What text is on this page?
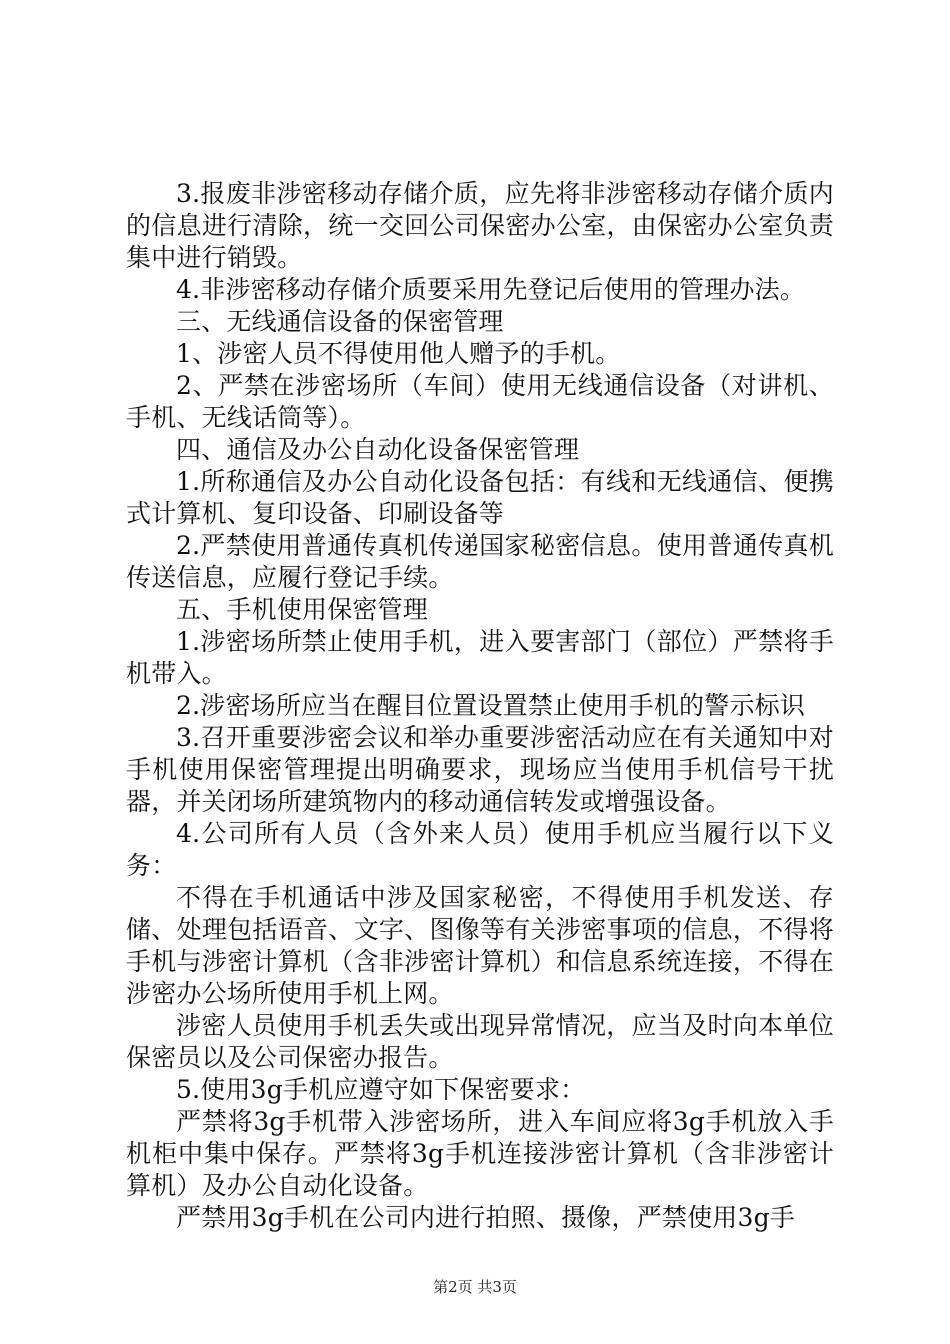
3.报废非涉密移动存储介质，应先将非涉密移动存储介质内的信息进行清除，统一交回公司保密办公室，由保密办公室负责集中进行销毁。

4.非涉密移动存储介质要采用先登记后使用的管理办法。

三、无线通信设备的保密管理

1、涉密人员不得使用他人赠予的手机。

2、严禁在涉密场所（车间）使用无线通信设备（对讲机、手机、无线话筒等）。

四、通信及办公自动化设备保密管理

1.所称通信及办公自动化设备包括：有线和无线通信、便携式计算机、复印设备、印刷设备等

2.严禁使用普通传真机传递国家秘密信息。使用普通传真机传送信息，应履行登记手续。

五、手机使用保密管理

1.涉密场所禁止使用手机，进入要害部门（部位）严禁将手机带入。

2.涉密场所应当在醒目位置设置禁止使用手机的警示标识

3.召开重要涉密会议和举办重要涉密活动应在有关通知中对手机使用保密管理提出明确要求，现场应当使用手机信号干扰器，并关闭场所建筑物内的移动通信转发或增强设备。

4.公司所有人员（含外来人员）使用手机应当履行以下义务：

不得在手机通话中涉及国家秘密，不得使用手机发送、存储、处理包括语音、文字、图像等有关涉密事项的信息，不得将手机与涉密计算机（含非涉密计算机）和信息系统连接，不得在涉密办公场所使用手机上网。

涉密人员使用手机丢失或出现异常情况，应当及时向本单位保密员以及公司保密办报告。

5.使用3g手机应遵守如下保密要求：

严禁将3g手机带入涉密场所，进入车间应将3g手机放入手机柜中集中保存。严禁将3g手机连接涉密计算机（含非涉密计算机）及办公自动化设备。

严禁用3g手机在公司内进行拍照、摄像，严禁使用3g手

第2页 共3页
